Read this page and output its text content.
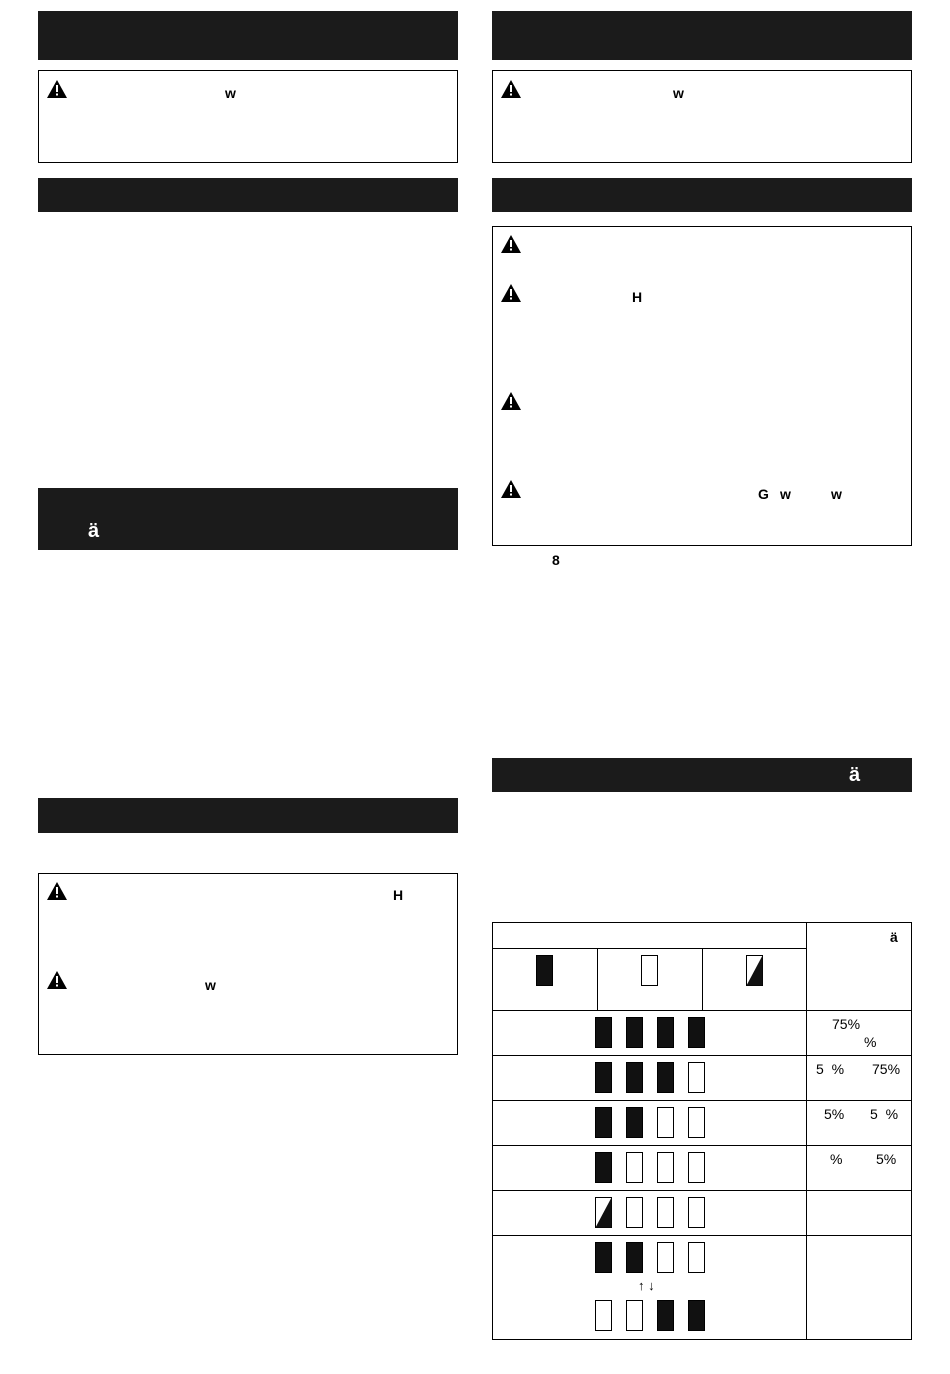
w
ä
H
w
w
H
G w	w
8
ä
ä
75%
%
5  % 75%
5% 5  %
% 5%
↑ ↓
